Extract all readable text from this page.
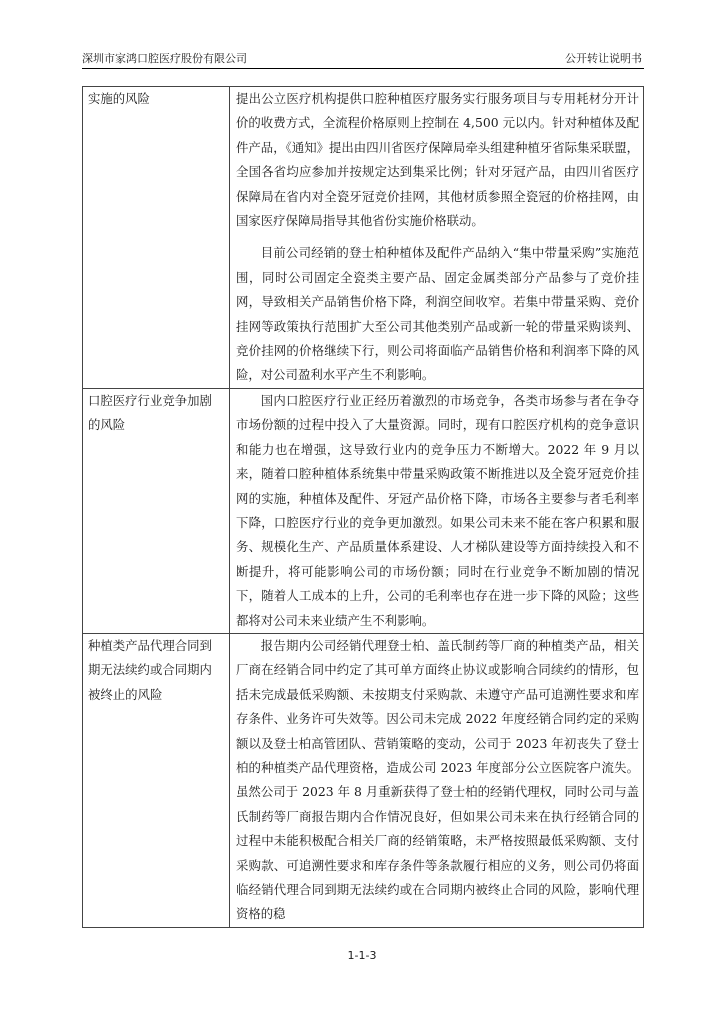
深圳市家鸿口腔医疗股份有限公司	公开转让说明书
实施的风险	提出公立医疗机构提供口腔种植医疗服务实行服务项目与专用耗材分开计价的收费方式，全流程价格原则上控制在 4,500 元以内。针对种植体及配件产品，《通知》提出由四川省医疗保障局牵头组建种植牙省际集采联盟，全国各省均应参加并按规定达到集采比例；针对牙冠产品，由四川省医疗保障局在省内对全瓷牙冠竞价挂网，其他材质参照全瓷冠的价格挂网，由国家医疗保障局指导其他省份实施价格联动。

目前公司经销的登士柏种植体及配件产品纳入“集中带量采购”实施范围，同时公司固定全瓷类主要产品、固定金属类部分产品参与了竞价挂网，导致相关产品销售价格下降，利润空间收窄。若集中带量采购、竞价挂网等政策执行范围扩大至公司其他类别产品或新一轮的带量采购谈判、竞价挂网的价格继续下行，则公司将面临产品销售价格和利润率下降的风险，对公司盈利水平产生不利影响。

口腔医疗行业竞争加剧的风险	国内口腔医疗行业正经历着激烈的市场竞争，各类市场参与者在争夺市场份额的过程中投入了大量资源。同时，现有口腔医疗机构的竞争意识和能力也在增强，这导致行业内的竞争压力不断增大。2022 年 9 月以来，随着口腔种植体系统集中带量采购政策不断推进以及全瓷牙冠竞价挂网的实施，种植体及配件、牙冠产品价格下降，市场各主要参与者毛利率下降，口腔医疗行业的竞争更加激烈。如果公司未来不能在客户积累和服务、规模化生产、产品质量体系建设、人才梯队建设等方面持续投入和不断提升，将可能影响公司的市场份额；同时在行业竞争不断加剧的情况下，随着人工成本的上升，公司的毛利率也存在进一步下降的风险；这些都将对公司未来业绩产生不利影响。

种植类产品代理合同到期无法续约或合同期内被终止的风险	报告期内公司经销代理登士柏、盖氏制药等厂商的种植类产品，相关厂商在经销合同中约定了其可单方面终止协议或影响合同续约的情形，包括未完成最低采购额、未按期支付采购款、未遵守产品可追溯性要求和库存条件、业务许可失效等。因公司未完成 2022 年度经销合同约定的采购额以及登士柏高管团队、营销策略的变动，公司于 2023 年初丧失了登士柏的种植类产品代理资格，造成公司 2023 年度部分公立医院客户流失。虽然公司于 2023 年 8 月重新获得了登士柏的经销代理权，同时公司与盖氏制药等厂商报告期内合作情况良好，但如果公司未来在执行经销合同的过程中未能积极配合相关厂商的经销策略，未严格按照最低采购额、支付采购款、可追溯性要求和库存条件等条款履行相应的义务，则公司仍将面临经销代理合同到期无法续约或在合同期内被终止合同的风险，影响代理资格的稳

1-1-3
